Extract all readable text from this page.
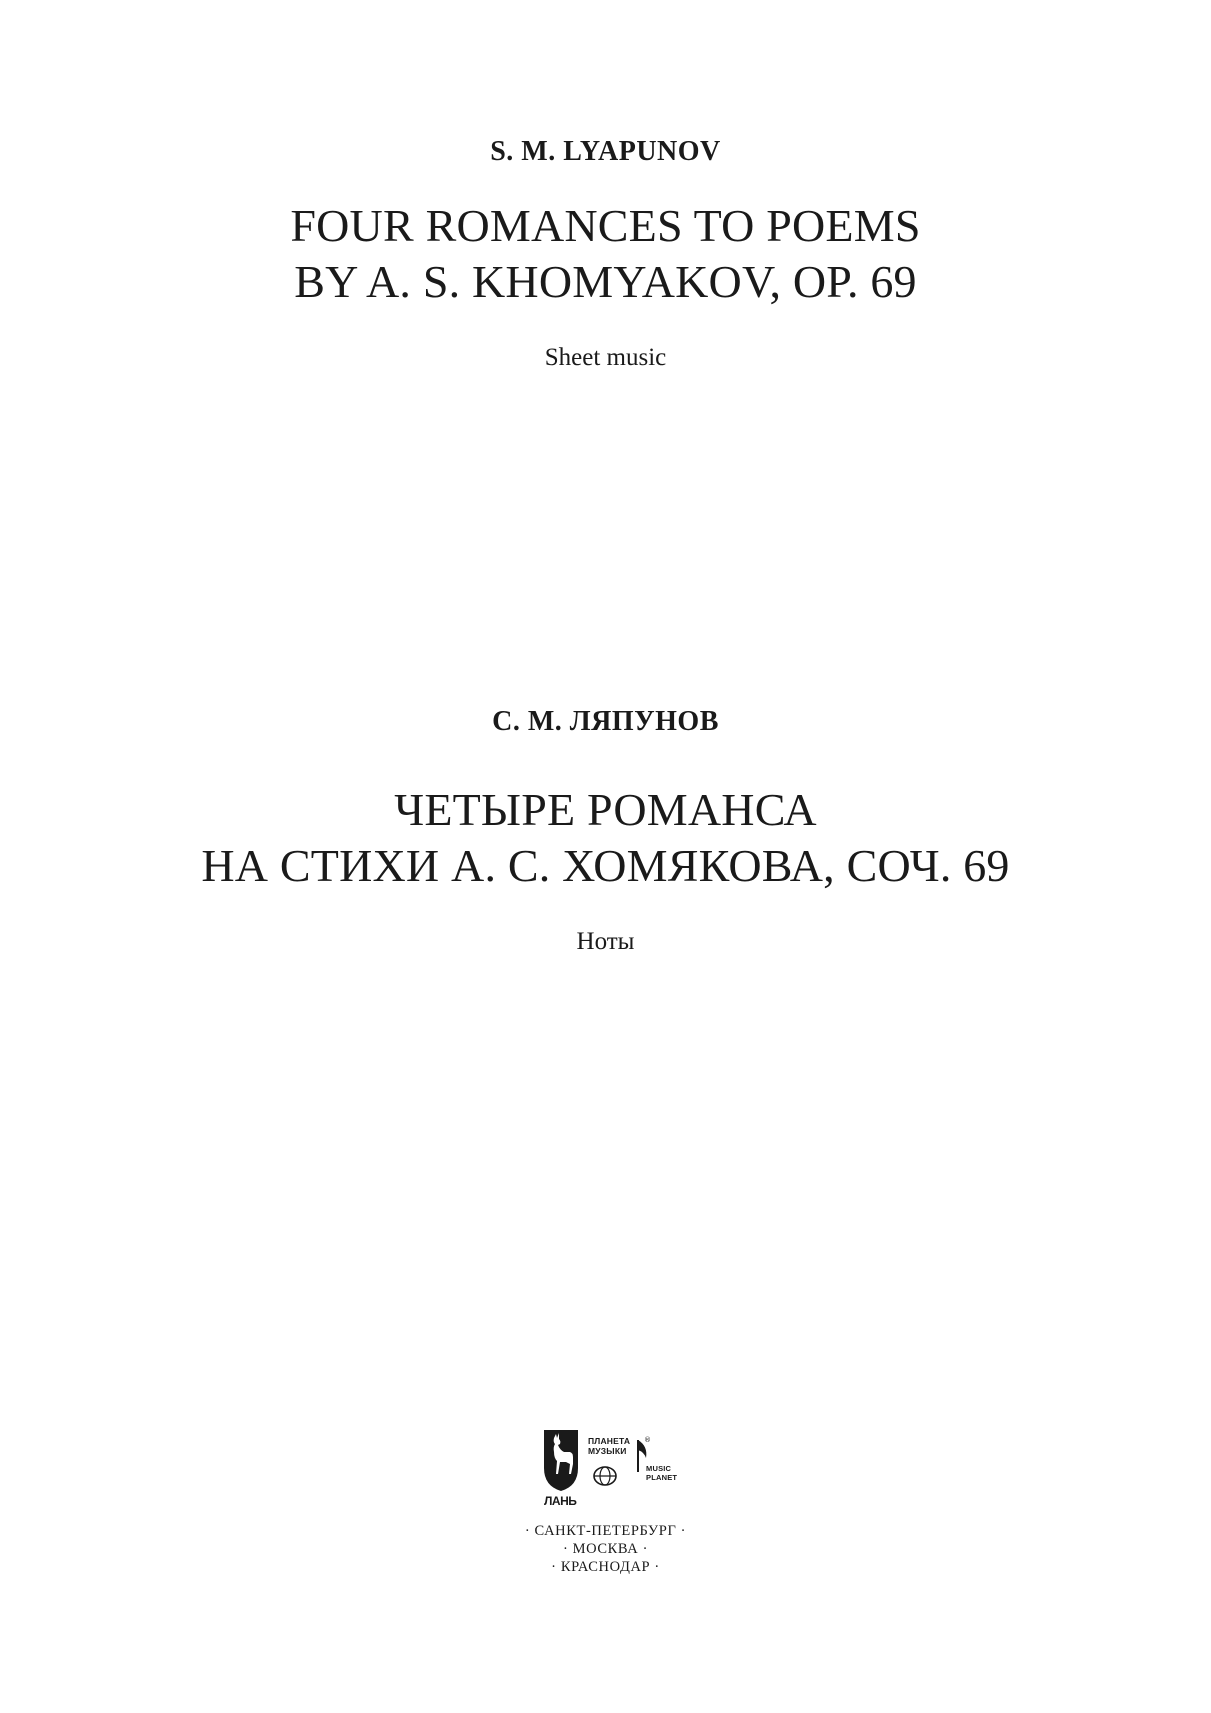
S. M. LYAPUNOV
FOUR ROMANCES TO POEMS
BY A. S. KHOMYAKOV, OP. 69
Sheet music
С. М. ЛЯПУНОВ
ЧЕТЫРЕ РОМАНСА
НА СТИХИ А. С. ХОМЯКОВА, СОЧ. 69
Ноты
ЛАНЬ
ПЛАНЕТА
МУЗЫКИ
®
MUSIC
PLANET
· САНКТ-ПЕТЕРБУРГ ·
· МОСКВА ·
· КРАСНОДАР ·
